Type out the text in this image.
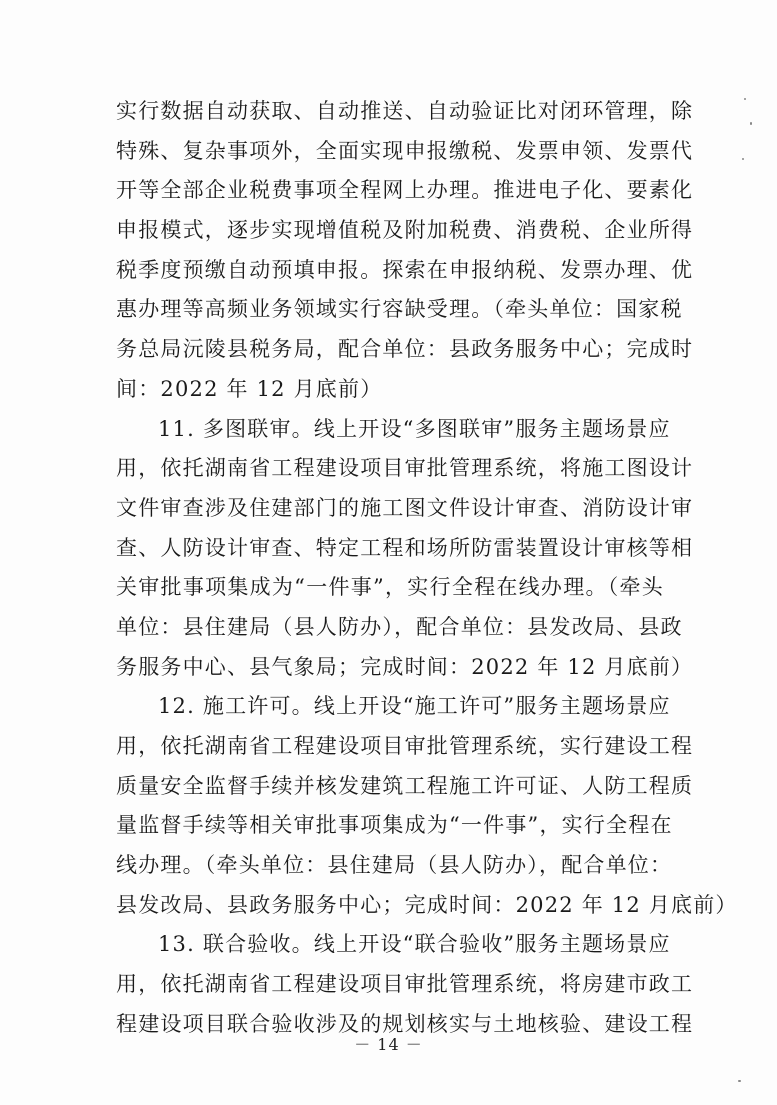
实行数据自动获取、自动推送、自动验证比对闭环管理，除
特殊、复杂事项外，全面实现申报缴税、发票申领、发票代
开等全部企业税费事项全程网上办理。推进电子化、要素化
申报模式，逐步实现增值税及附加税费、消费税、企业所得
税季度预缴自动预填申报。探索在申报纳税、发票办理、优
惠办理等高频业务领域实行容缺受理。（牵头单位：国家税
务总局沅陵县税务局，配合单位：县政务服务中心；完成时
间：2022 年 12 月底前）
11. 多图联审。线上开设“多图联审”服务主题场景应
用，依托湖南省工程建设项目审批管理系统，将施工图设计
文件审查涉及住建部门的施工图文件设计审查、消防设计审
查、人防设计审查、特定工程和场所防雷装置设计审核等相
关审批事项集成为“一件事”，实行全程在线办理。（牵头
单位：县住建局（县人防办），配合单位：县发改局、县政
务服务中心、县气象局；完成时间：2022 年 12 月底前）
12. 施工许可。线上开设“施工许可”服务主题场景应
用，依托湖南省工程建设项目审批管理系统，实行建设工程
质量安全监督手续并核发建筑工程施工许可证、人防工程质
量监督手续等相关审批事项集成为“一件事”，实行全程在
线办理。（牵头单位：县住建局（县人防办），配合单位：
县发改局、县政务服务中心；完成时间：2022 年 12 月底前）
13. 联合验收。线上开设“联合验收”服务主题场景应
用，依托湖南省工程建设项目审批管理系统，将房建市政工
程建设项目联合验收涉及的规划核实与土地核验、建设工程
－ 14 －
